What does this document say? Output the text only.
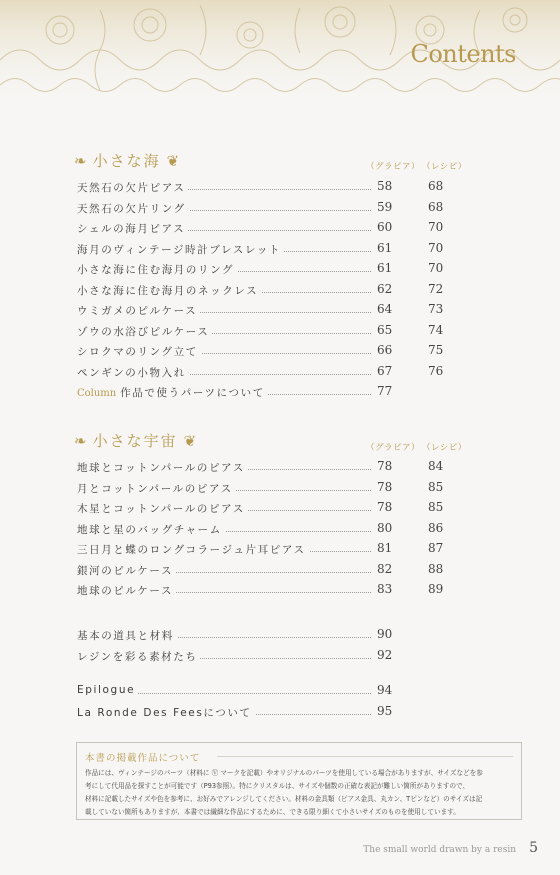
Contents
❧ 小さな海 ❦	（グラビア） （レシピ）
天然石の欠片ピアス	58	68
天然石の欠片リング	59	68
シェルの海月ピアス	60	70
海月のヴィンテージ時計ブレスレット	61	70
小さな海に住む海月のリング	61	70
小さな海に住む海月のネックレス	62	72
ウミガメのピルケース	64	73
ゾウの水浴びピルケース	65	74
シロクマのリング立て	66	75
ペンギンの小物入れ	67	76
Column 作品で使うパーツについて	77
❧ 小さな宇宙 ❦	（グラビア） （レシピ）
地球とコットンパールのピアス	78	84
月とコットンパールのピアス	78	85
木星とコットンパールのピアス	78	85
地球と星のバッグチャーム	80	86
三日月と蝶のロングコラージュ片耳ピアス	81	87
銀河のピルケース	82	88
地球のピルケース	83	89
基本の道具と材料	90
レジンを彩る素材たち	92
Epilogue	94
La Ronde Des Feesについて	95
本書の掲載作品について
作品には、ヴィンテージのパーツ（材料に Ⓥ マークを記載）やオリジナルのパーツを使用している場合がありますが、サイズなどを参
考にして代用品を探すことが可能です（P93参照）。特にクリスタルは、サイズや個数の正確な表記が難しい箇所がありますので、
材料に記載したサイズや色を参考に、お好みでアレンジしてください。材料の金具類（ピアス金具、丸カン、Tピンなど）のサイズは記
載していない箇所もありますが、本書では繊細な作品にするために、できる限り細くて小さいサイズのものを使用しています。
The small world drawn by a resin 5
